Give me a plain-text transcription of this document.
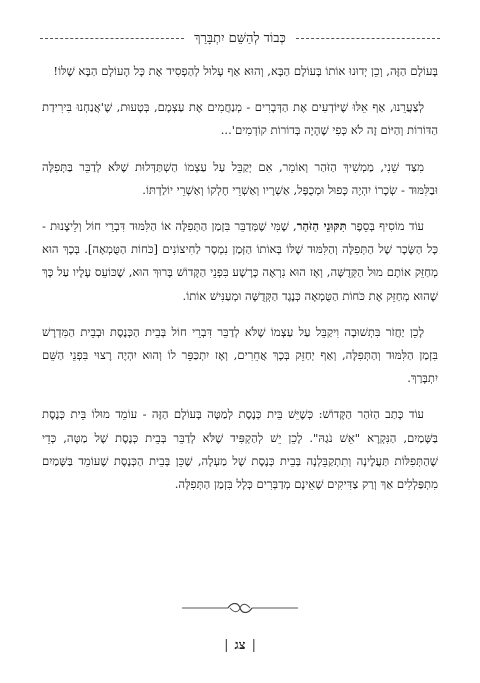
כְּבוֹד לְהַשֵּׁם יִתְבָּרַךְ

בָּעוֹלָם הַזֶּה, וְכֵן יְדוּנוּ אוֹתוֹ בָּעוֹלָם הַבָּא, וְהוּא אַף עָלוּל לְהַפְסִיד אֶת כָּל הָעוֹלָם הַבָּא שֶׁלּוֹ!

לְצַעֲרֵנוּ, אַף אֵלּוּ שֶׁיּוֹדְעִים אֶת הַדְּבָרִים - מְנַחֲמִים אֶת עַצְמָם, בְּטָעוּת, שֶׁ'אֲנַחְנוּ בִּירִידַת הַדּוֹרוֹת וְהַיּוֹם זֶה לֹא כְּפִי שֶׁהָיָה בְּדוֹרוֹת קוֹדְמִים'...

מִצַּד שֵׁנִי, מַמְשִׁיךְ הַזֹּהַר וְאוֹמֵר, אִם יְקַבֵּל עַל עַצְמוֹ הַשְׁתַּדְּלוּת שֶׁלֹּא לְדַבֵּר בַּתְּפִלָּה וּבַלִּמּוּד - שְׂכָרוֹ יִהְיֶה כָּפוּל וּמְכֻפָּל, אַשְׁרָיו וְאַשְׁרֵי חֶלְקוֹ וְאַשְׁרֵי יוֹלַדְתּוֹ.

עוֹד מוֹסִיף בְּסֵפֶר תִּקּוּנֵי הַזֹּהַר, שֶׁמִּי שֶׁמְּדַבֵּר בִּזְמַן הַתְּפִלָּה אוֹ הַלִּמּוּד דִּבְרֵי חוֹל וְלֵיצָנוּת - כָּל הַשָּׂכָר שֶׁל הַתְּפִלָּה וְהַלִּמּוּד שֶׁלּוֹ בְּאוֹתוֹ הַזְּמַן נִמְסָר לַחִיצוֹנִים [כֹּחוֹת הַטֻּמְאָה]. בְּכָךְ הוּא מְחַזֵּק אוֹתָם מוּל הַקְּדֻשָּׁה, וְאָז הוּא נִרְאֶה כָּרָשָׁע בִּפְנֵי הַקָּדוֹשׁ בָּרוּךְ הוּא, שֶׁכּוֹעֵס עָלָיו עַל כָּךְ שֶׁהוּא מְחַזֵּק אֶת כֹּחוֹת הַטֻּמְאָה כְּנֶגֶד הַקְּדֻשָּׁה וּמְעַנִּישׁ אוֹתוֹ.

לָכֵן יַחֲזֹר בִּתְשׁוּבָה וִיקַבֵּל עַל עַצְמוֹ שֶׁלֹּא לְדַבֵּר דִּבְרֵי חוֹל בְּבֵית הַכְּנֶסֶת וּבְבֵית הַמִּדְרָשׁ בִּזְמַן הַלִּמּוּד וְהַתְּפִלָּה, וְאַף יְחַזֵּק בְּכָךְ אֲחֵרִים, וְאָז יִתְכַּפֵּר לוֹ וְהוּא יִהְיֶה רָצוּי בִּפְנֵי הַשֵּׁם יִתְבָּרַךְ.

עוֹד כָּתַב הַזֹּהַר הַקָּדוֹשׁ: כְּשֶׁיֵּשׁ בֵּית כְּנֶסֶת לְמַטָּה בָּעוֹלָם הַזֶּה - עוֹמֵד מוּלוֹ בֵּית כְּנֶסֶת בַּשָּׁמַיִם, הַנִּקְרָא "אֵשׁ נֹגַהּ". לָכֵן יֵשׁ לְהַקְפִּיד שֶׁלֹּא לְדַבֵּר בְּבֵית כְּנֶסֶת שֶׁל מַטָּה, כְּדֵי שֶׁהַתְּפִלּוֹת תַּעֲלֶינָה וְתִתְקַבֵּלְנָה בְּבֵית כְּנֶסֶת שֶׁל מַעְלָה, שֶׁכֵּן בְּבֵית הַכְּנֶסֶת שֶׁעוֹמֵד בַּשָּׁמַיִם מִתְפַּלְלִים אַךְ וְרַק צַדִּיקִים שֶׁאֵינָם מְדַבְּרִים כְּלָל בִּזְמַן הַתְּפִלָּה.

|
צג
|
